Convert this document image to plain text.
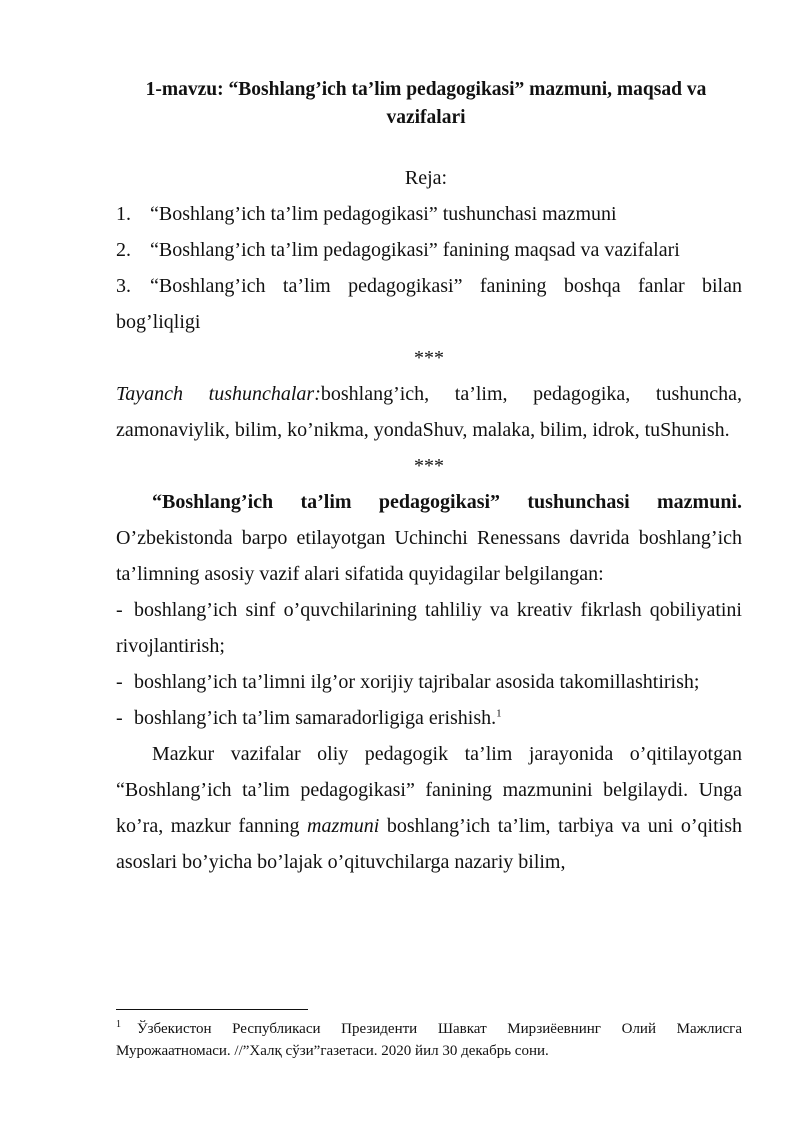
1-mavzu: “Boshlang’ich ta’lim pedagogikasi” mazmuni, maqsad va vazifalari
Reja:
1. “Boshlang’ich ta’lim pedagogikasi” tushunchasi mazmuni
2. “Boshlang’ich ta’lim pedagogikasi” fanining maqsad va vazifalari
3. “Boshlang’ich ta’lim pedagogikasi” fanining boshqa fanlar bilan bog’liqligi
***
Tayanch tushunchalar:boshlang’ich, ta’lim, pedagogika, tushuncha, zamonaviylik, bilim, ko’nikma, yondaShuv, malaka, bilim, idrok, tuShunish.
***
“Boshlang’ich ta’lim pedagogikasi” tushunchasi mazmuni. O’zbekistonda barpo etilayotgan Uchinchi Renessans davrida boshlang’ich ta’limning asosiy vazif alari sifatida quyidagilar belgilangan:
- boshlang’ich sinf o’quvchilarining tahliliy va kreativ fikrlash qobiliyatini rivojlantirish;
- boshlang’ich ta’limni ilg’or xorijiy tajribalar asosida takomillashtirish;
- boshlang’ich ta’lim samaradorligiga erishish.$^1$
Mazkur vazifalar oliy pedagogik ta’lim jarayonida o’qitilayotgan “Boshlang’ich ta’lim pedagogikasi” fanining mazmunini belgilaydi. Unga ko’ra, mazkur fanning mazmuni boshlang’ich ta’lim, tarbiya va uni o’qitish asoslari bo’yicha bo’lajak o’qituvchilarga nazariy bilim,
$^1$ Ўзбекистон Республикаси Президенти Шавкат Мирзиёевнинг Олий Мажлисга Мурожаатномаси. //”Халқ сўзи”газетаси. 2020 йил 30 декабрь сони.
